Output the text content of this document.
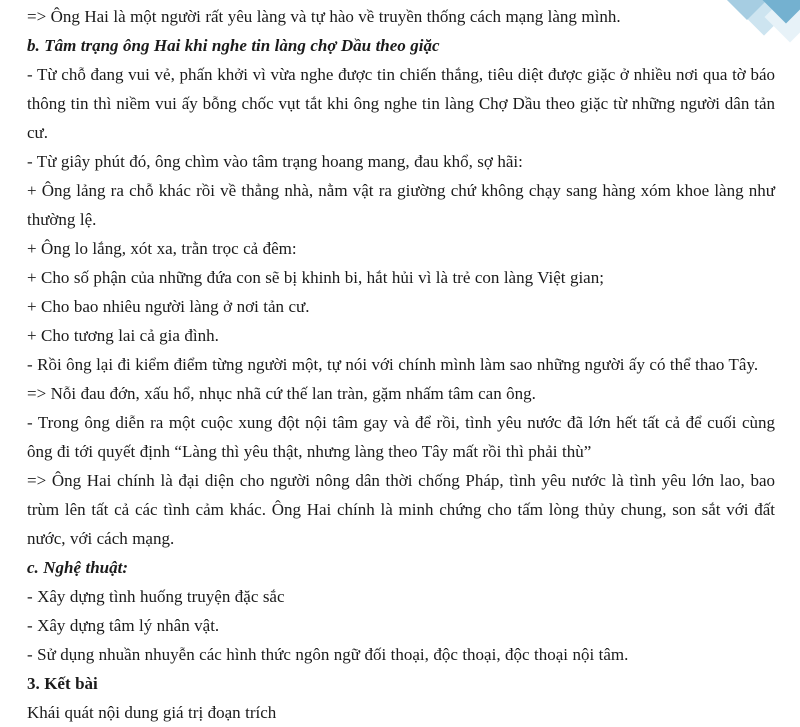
=> Ông Hai là một người rất yêu làng và tự hào về truyền thống cách mạng làng mình.

b. Tâm trạng ông Hai khi nghe tin làng chợ Dầu theo giặc

- Từ chỗ đang vui vẻ, phấn khởi vì vừa nghe được tin chiến thắng, tiêu diệt được giặc ở nhiều nơi qua tờ báo thông tin thì niềm vui ấy bỗng chốc vụt tắt khi ông nghe tin làng Chợ Dầu theo giặc từ những người dân tản cư.

- Từ giây phút đó, ông chìm vào tâm trạng hoang mang, đau khổ, sợ hãi:

+ Ông lảng ra chỗ khác rồi về thẳng nhà, nằm vật ra giường chứ không chạy sang hàng xóm khoe làng như thường lệ.

+ Ông lo lắng, xót xa, trằn trọc cả đêm:

+ Cho số phận của những đứa con sẽ bị khinh bi, hắt hủi vì là trẻ con làng Việt gian;

+ Cho bao nhiêu người làng ở nơi tản cư.

+ Cho tương lai cả gia đình.

- Rồi ông lại đi kiểm điểm từng người một, tự nói với chính mình làm sao những người ấy có thể thao Tây.

=> Nỗi đau đớn, xấu hổ, nhục nhã cứ thế lan tràn, gặm nhấm tâm can ông.

- Trong ông diễn ra một cuộc xung đột nội tâm gay và để rồi, tình yêu nước đã lớn hết tất cả để cuối cùng ông đi tới quyết định “Làng thì yêu thật, nhưng làng theo Tây mất rồi thì phải thù”

=> Ông Hai chính là đại diện cho người nông dân thời chống Pháp, tình yêu nước là tình yêu lớn lao, bao trùm lên tất cả các tình cảm khác. Ông Hai chính là minh chứng cho tấm lòng thủy chung, son sắt với đất nước, với cách mạng.

c. Nghệ thuật:

- Xây dựng tình huống truyện đặc sắc

- Xây dựng tâm lý nhân vật.

- Sử dụng nhuần nhuyễn các hình thức ngôn ngữ đối thoại, độc thoại, độc thoại nội tâm.

3. Kết bài

Khái quát nội dung giá trị đoạn trích
